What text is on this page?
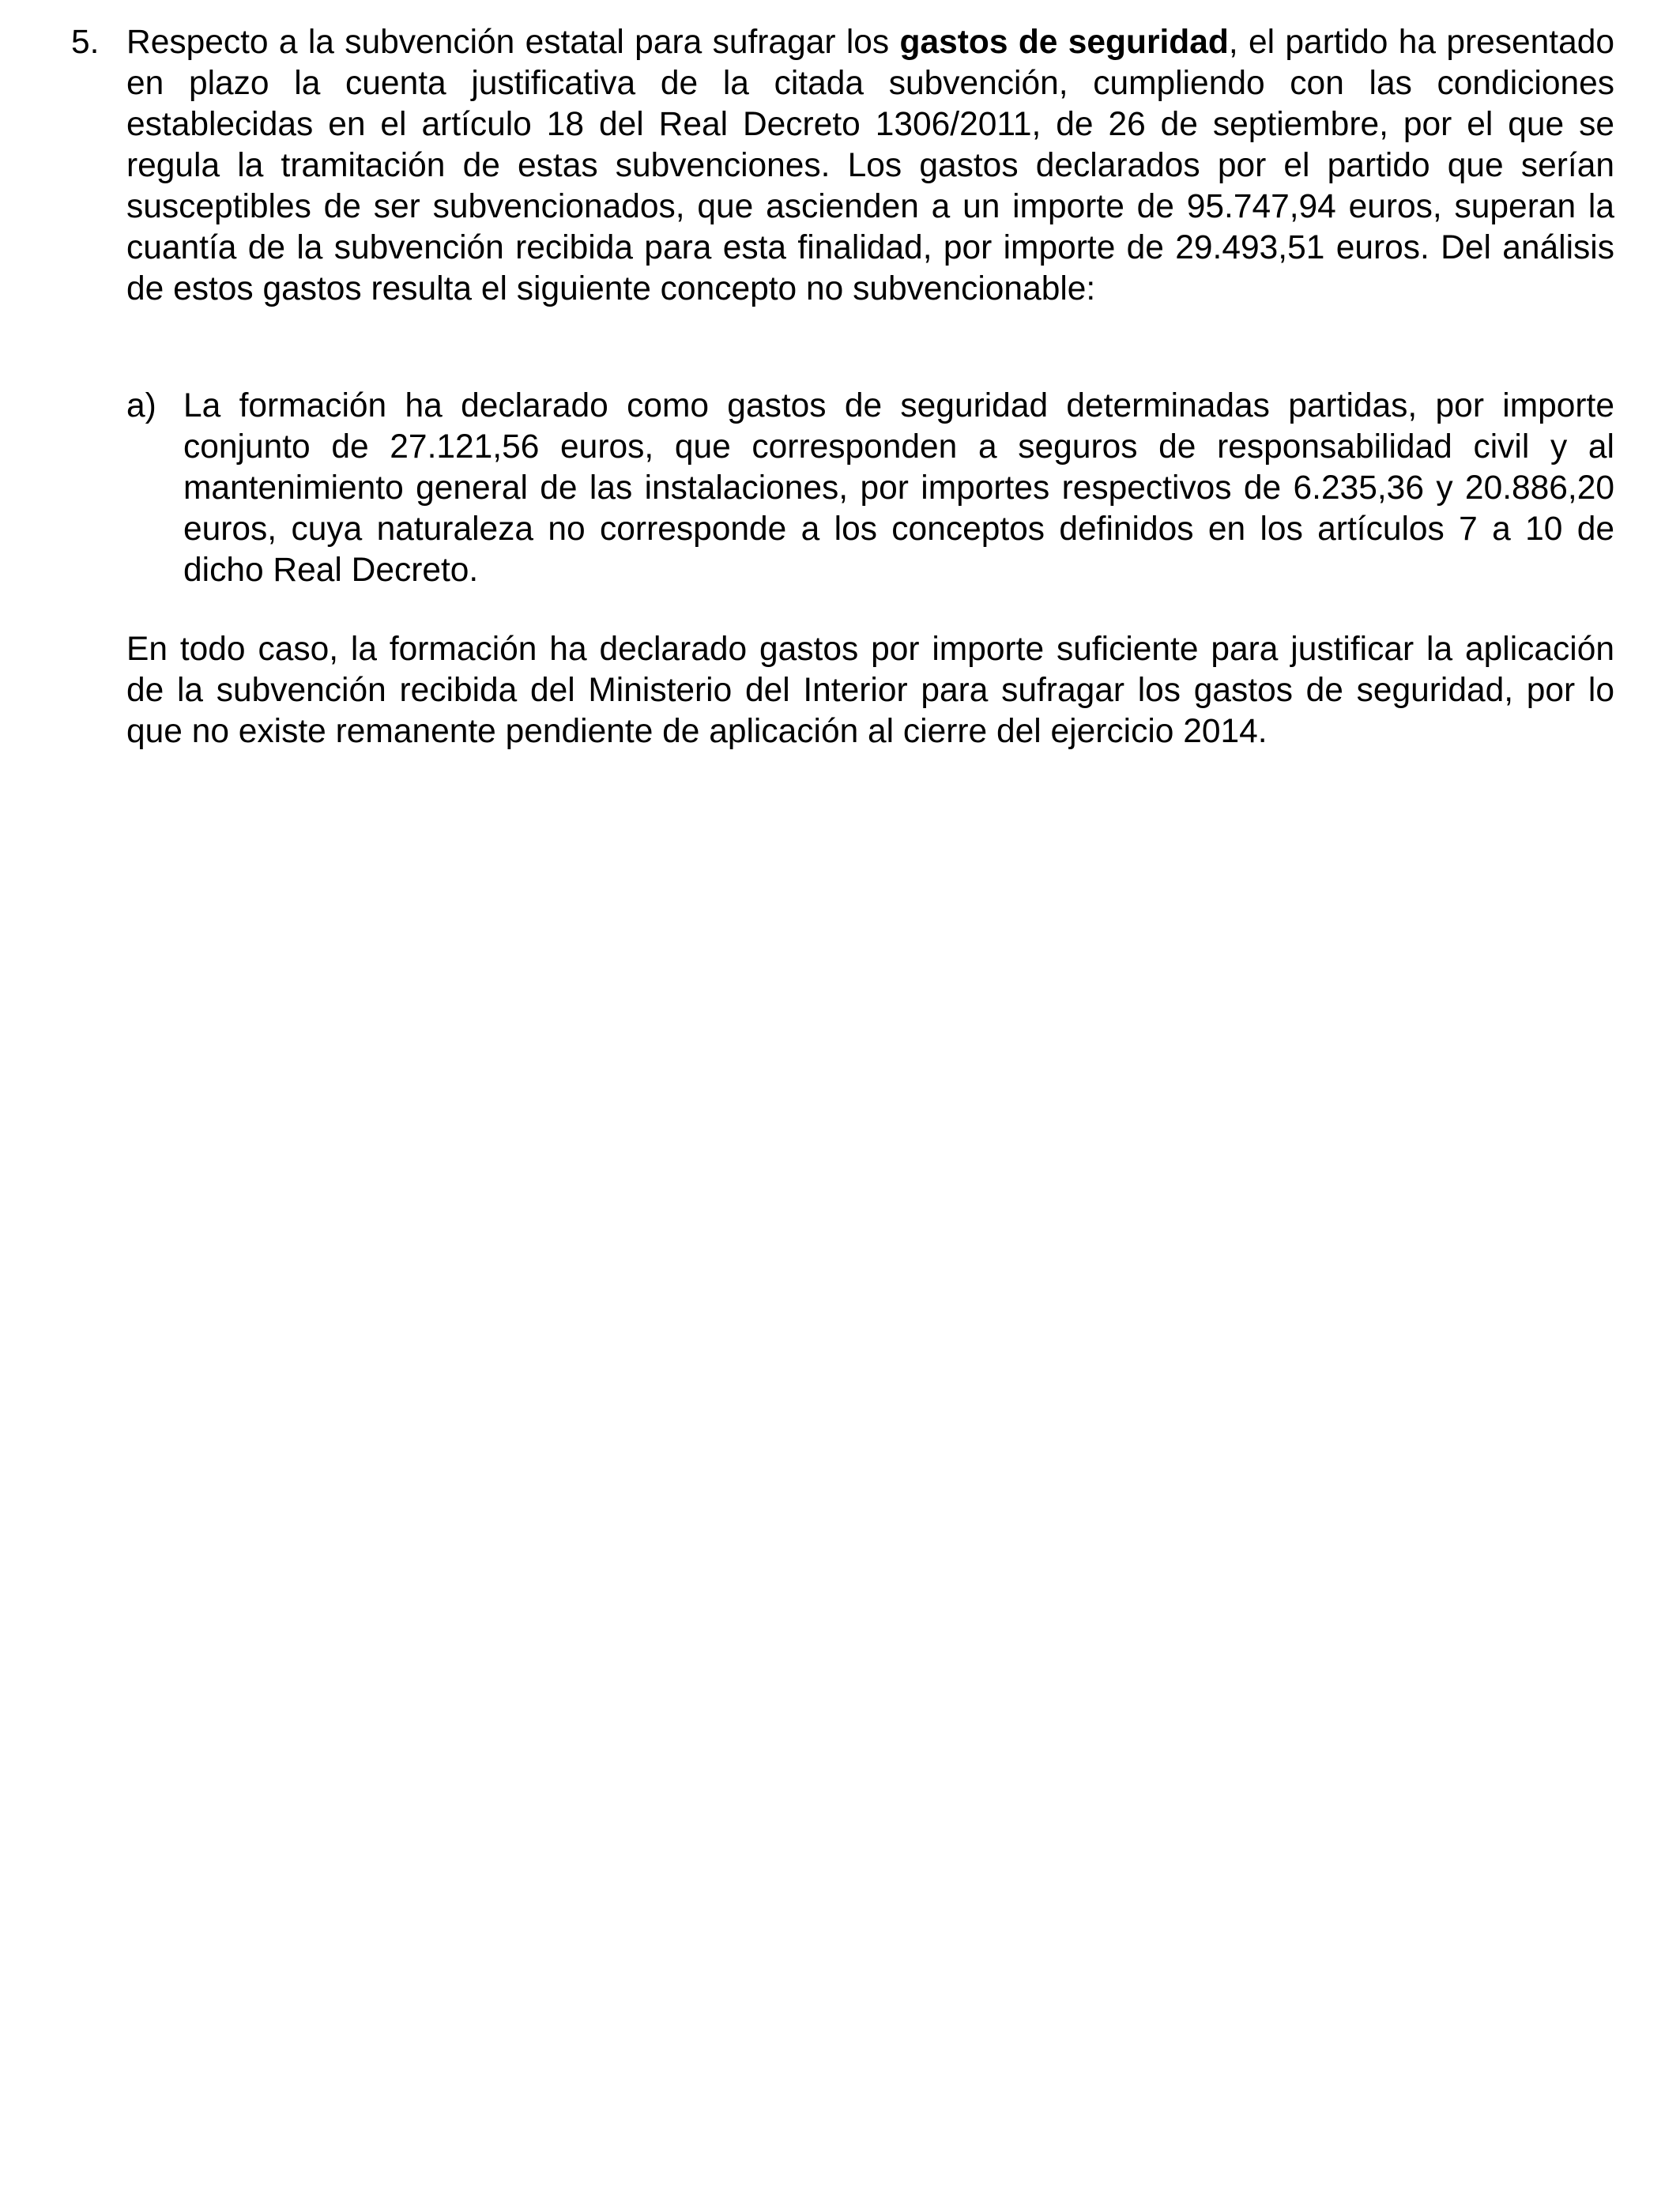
5. Respecto a la subvención estatal para sufragar los gastos de seguridad, el partido ha presentado en plazo la cuenta justificativa de la citada subvención, cumpliendo con las condiciones establecidas en el artículo 18 del Real Decreto 1306/2011, de 26 de septiembre, por el que se regula la tramitación de estas subvenciones. Los gastos declarados por el partido que serían susceptibles de ser subvencionados, que ascienden a un importe de 95.747,94 euros, superan la cuantía de la subvención recibida para esta finalidad, por importe de 29.493,51 euros. Del análisis de estos gastos resulta el siguiente concepto no subvencionable:

a) La formación ha declarado como gastos de seguridad determinadas partidas, por importe conjunto de 27.121,56 euros, que corresponden a seguros de responsabilidad civil y al mantenimiento general de las instalaciones, por importes respectivos de 6.235,36 y 20.886,20 euros, cuya naturaleza no corresponde a los conceptos definidos en los artículos 7 a 10 de dicho Real Decreto.

En todo caso, la formación ha declarado gastos por importe suficiente para justificar la aplicación de la subvención recibida del Ministerio del Interior para sufragar los gastos de seguridad, por lo que no existe remanente pendiente de aplicación al cierre del ejercicio 2014.
